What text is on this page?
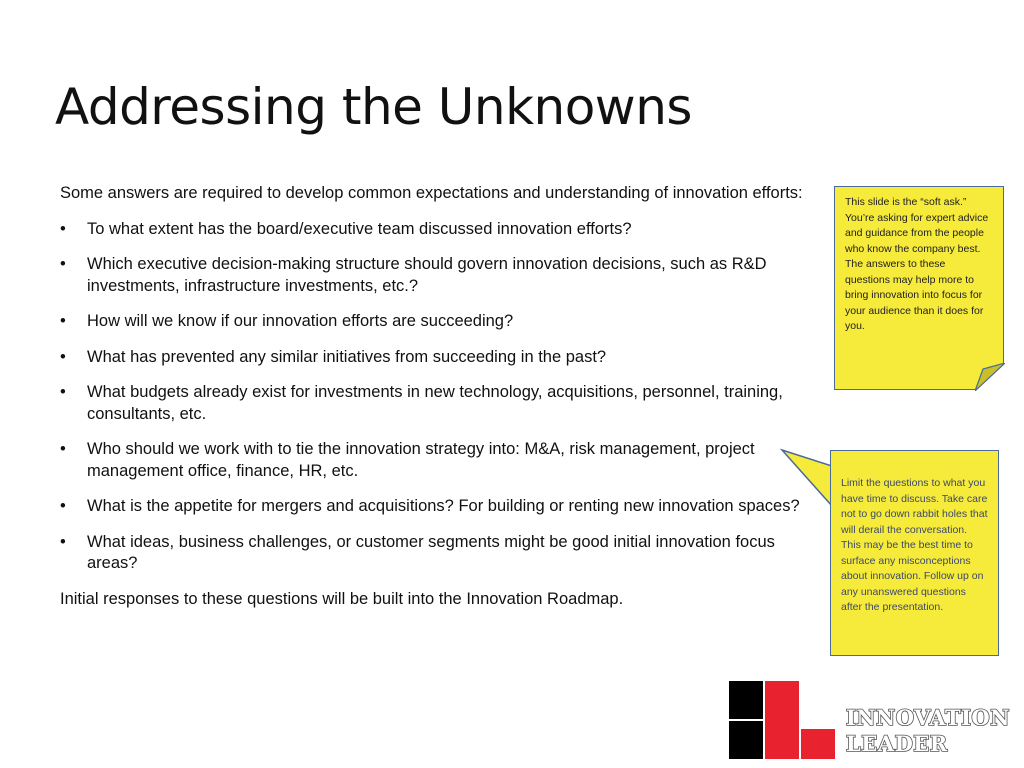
Addressing the Unknowns

Some answers are required to develop common expectations and understanding of innovation efforts:

• To what extent has the board/executive team discussed innovation efforts?
• Which executive decision-making structure should govern innovation decisions, such as R&D investments, infrastructure investments, etc.?
• How will we know if our innovation efforts are succeeding?
• What has prevented any similar initiatives from succeeding in the past?
• What budgets already exist for investments in new technology, acquisitions, personnel, training, consultants, etc.
• Who should we work with to tie the innovation strategy into: M&A, risk management, project management office, finance, HR, etc.
• What is the appetite for mergers and acquisitions? For building or renting new innovation spaces?
• What ideas, business challenges, or customer segments might be good initial innovation focus areas?

Initial responses to these questions will be built into the Innovation Roadmap.

This slide is the “soft ask.” You’re asking for expert advice and guidance from the people who know the company best. The answers to these questions may help more to bring innovation into focus for your audience than it does for you.
Limit the questions to what you have time to discuss. Take care not to go down rabbit holes that will derail the conversation. This may be the best time to surface any misconceptions about innovation. Follow up on any unanswered questions after the presentation.
INNOVATION
LEADER
